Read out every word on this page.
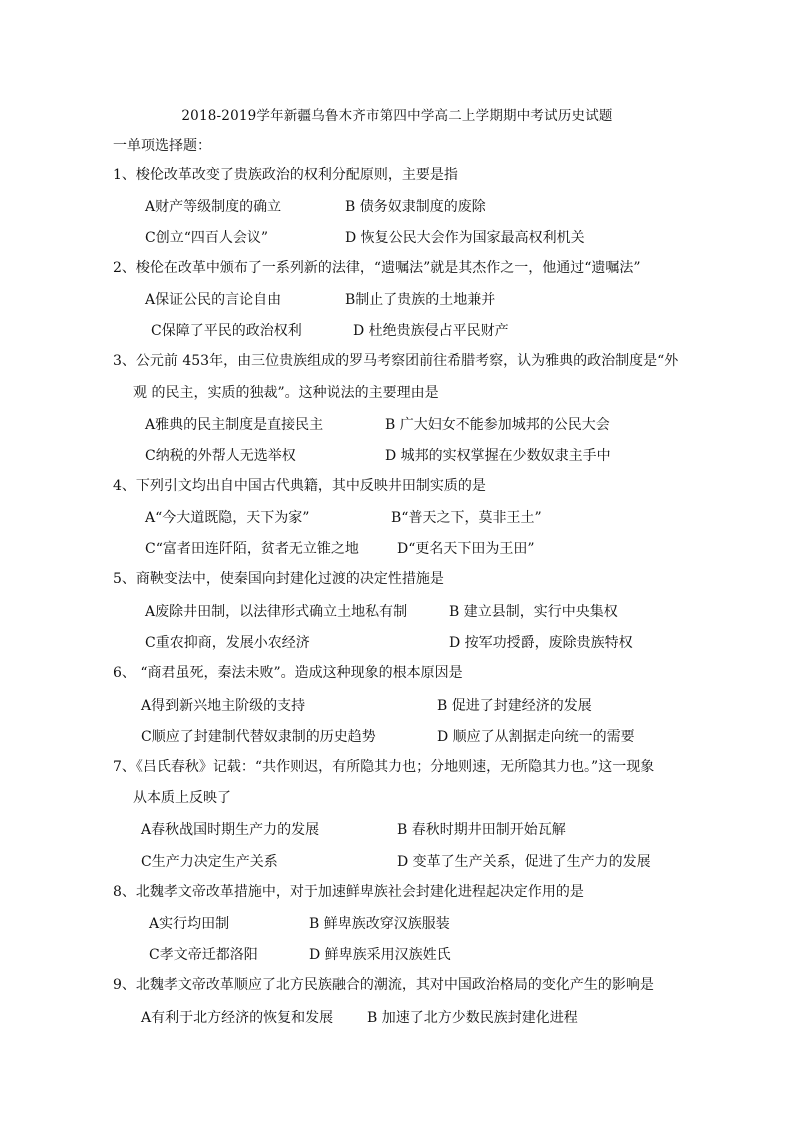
2018-2019学年新疆乌鲁木齐市第四中学高二上学期期中考试历史试题
一单项选择题：
1、梭伦改革改变了贵族政治的权利分配原则，主要是指
A财产等级制度的确立	B 债务奴隶制度的废除
C创立“四百人会议”	D 恢复公民大会作为国家最高权利机关
2、梭伦在改革中颁布了一系列新的法律，“遗嘱法”就是其杰作之一，他通过“遗嘱法”
A保证公民的言论自由	B制止了贵族的土地兼并
C保障了平民的政治权利	D 杜绝贵族侵占平民财产
3、公元前 453年，由三位贵族组成的罗马考察团前往希腊考察，认为雅典的政治制度是“外
观 的民主，实质的独裁”。这种说法的主要理由是
A雅典的民主制度是直接民主	B 广大妇女不能参加城邦的公民大会
C纳税的外帮人无选举权	D 城邦的实权掌握在少数奴隶主手中
4、下列引文均出自中国古代典籍，其中反映井田制实质的是
A“今大道既隐，天下为家”	B“普天之下，莫非王土”
C“富者田连阡陌，贫者无立锥之地	D“更名天下田为王田”
5、商鞅变法中，使秦国向封建化过渡的决定性措施是
A废除井田制，以法律形式确立土地私有制	B 建立县制，实行中央集权
C重农抑商，发展小农经济	D 按军功授爵，废除贵族特权
6、 “商君虽死，秦法未败”。造成这种现象的根本原因是
A得到新兴地主阶级的支持	B 促进了封建经济的发展
C顺应了封建制代替奴隶制的历史趋势	D 顺应了从割据走向统一的需要
7、《吕氏春秋》记载：“共作则迟，有所隐其力也；分地则速，无所隐其力也。”这一现象
从本质上反映了
A春秋战国时期生产力的发展	B 春秋时期井田制开始瓦解
C生产力决定生产关系	D 变革了生产关系，促进了生产力的发展
8、北魏孝文帝改革措施中，对于加速鲜卑族社会封建化进程起决定作用的是
A实行均田制	B 鲜卑族改穿汉族服装
C孝文帝迁都洛阳	D 鲜卑族采用汉族姓氏
9、北魏孝文帝改革顺应了北方民族融合的潮流，其对中国政治格局的变化产生的影响是
A有利于北方经济的恢复和发展 B 加速了北方少数民族封建化进程
